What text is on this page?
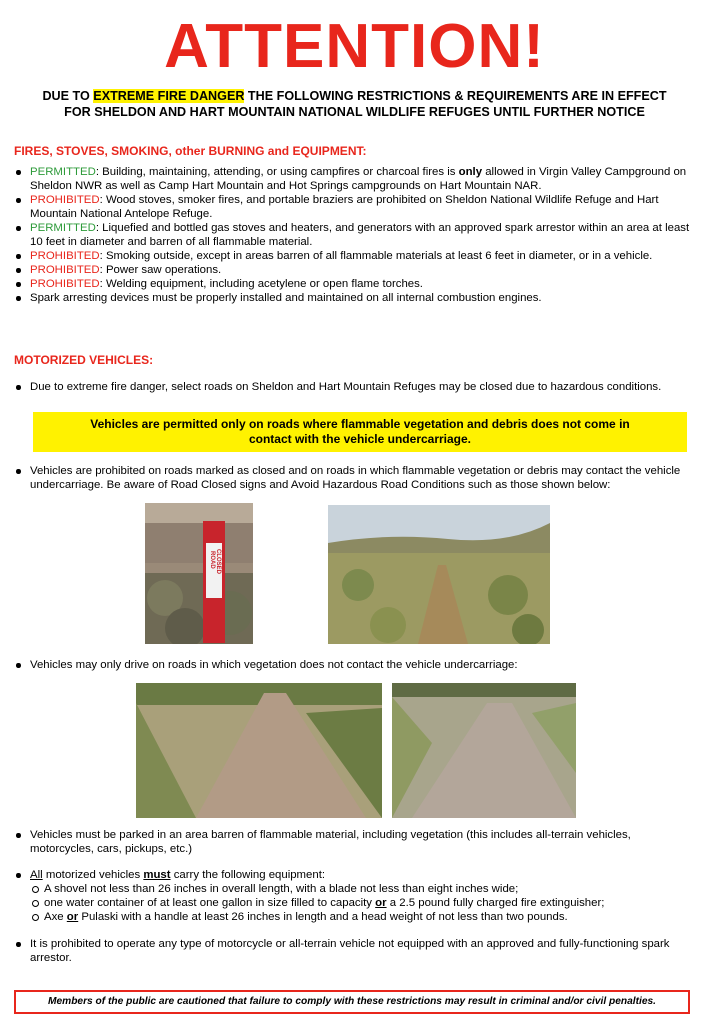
ATTENTION!
DUE TO EXTREME FIRE DANGER THE FOLLOWING RESTRICTIONS & REQUIREMENTS ARE IN EFFECT
FOR SHELDON AND HART MOUNTAIN NATIONAL WILDLIFE REFUGES UNTIL FURTHER NOTICE
FIRES, STOVES, SMOKING, other BURNING and EQUIPMENT:
PERMITTED: Building, maintaining, attending, or using campfires or charcoal fires is only allowed in Virgin Valley Campground on Sheldon NWR as well as Camp Hart Mountain and Hot Springs campgrounds on Hart Mountain NAR.
PROHIBITED: Wood stoves, smoker fires, and portable braziers are prohibited on Sheldon National Wildlife Refuge and Hart Mountain National Antelope Refuge.
PERMITTED: Liquefied and bottled gas stoves and heaters, and generators with an approved spark arrestor within an area at least 10 feet in diameter and barren of all flammable material.
PROHIBITED: Smoking outside, except in areas barren of all flammable materials at least 6 feet in diameter, or in a vehicle.
PROHIBITED: Power saw operations.
PROHIBITED: Welding equipment, including acetylene or open flame torches.
Spark arresting devices must be properly installed and maintained on all internal combustion engines.
MOTORIZED VEHICLES:
Due to extreme fire danger, select roads on Sheldon and Hart Mountain Refuges may be closed due to hazardous conditions.
Vehicles are permitted only on roads where flammable vegetation and debris does not come in contact with the vehicle undercarriage.
Vehicles are prohibited on roads marked as closed and on roads in which flammable vegetation or debris may contact the vehicle undercarriage. Be aware of Road Closed signs and Avoid Hazardous Road Conditions such as those shown below:
ROAD CLOSED
Vehicles may only drive on roads in which vegetation does not contact the vehicle undercarriage:
Vehicles must be parked in an area barren of flammable material, including vegetation (this includes all-terrain vehicles, motorcycles, cars, pickups, etc.)
All motorized vehicles must carry the following equipment:
A shovel not less than 26 inches in overall length, with a blade not less than eight inches wide;
one water container of at least one gallon in size filled to capacity or a 2.5 pound fully charged fire extinguisher;
Axe or Pulaski with a handle at least 26 inches in length and a head weight of not less than two pounds.
It is prohibited to operate any type of motorcycle or all-terrain vehicle not equipped with an approved and fully-functioning spark arrestor.
Members of the public are cautioned that failure to comply with these restrictions may result in criminal and/or civil penalties.
